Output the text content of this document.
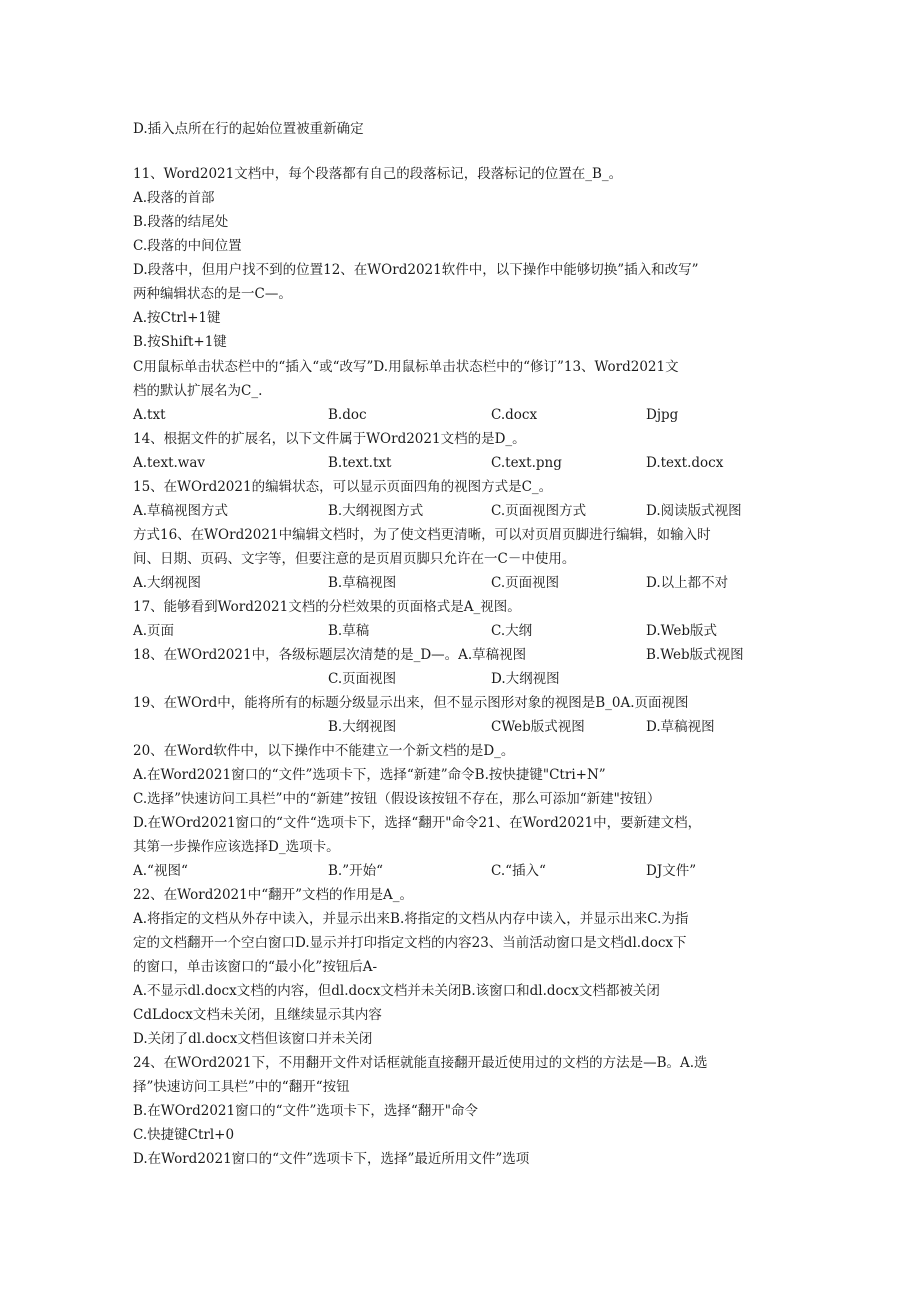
D.插入点所在行的起始位置被重新确定
11、Word2021文档中，每个段落都有自己的段落标记，段落标记的位置在_B_。
A.段落的首部
B.段落的结尾处
C.段落的中间位置
D.段落中，但用户找不到的位置12、在WOrd2021软件中，以下操作中能够切换”插入和改写”
两种编辑状态的是一C—。
A.按Ctrl+1键
B.按Shift+1键
C用鼠标单击状态栏中的“插入“或“改写”D.用鼠标单击状态栏中的“修订”13、Word2021文
档的默认扩展名为C_.
A.txt	B.doc	C.docx	Djpg
14、根据文件的扩展名，以下文件属于WOrd2021文档的是D_。
A.text.wav	B.text.txt	C.text.png	D.text.docx
15、在WOrd2021的编辑状态，可以显示页面四角的视图方式是C_。
A.草稿视图方式	B.大纲视图方式	C.页面视图方式	D.阅读版式视图
方式16、在WOrd2021中编辑文档时，为了使文档更清晰，可以对页眉页脚进行编辑，如输入时
间、日期、页码、文字等，但要注意的是页眉页脚只允许在一C－中使用。
A.大纲视图	B.草稿视图	C.页面视图	D.以上都不对
17、能够看到Word2021文档的分栏效果的页面格式是A_视图。
A.页面	B.草稿	C.大纲	D.Web版式
18、在WOrd2021中，各级标题层次清楚的是_D—。A.草稿视图	B.Web版式视图
C.页面视图	D.大纲视图
19、在WOrd中，能将所有的标题分级显示出来，但不显示图形对象的视图是B_0A.页面视图
B.大纲视图	CWeb版式视图	D.草稿视图
20、在Word软件中，以下操作中不能建立一个新文档的是D_。
A.在Word2021窗口的“文件”选项卡下，选择“新建”命令B.按快捷键"Ctri+N”
C.选择”快速访问工具栏”中的“新建”按钮（假设该按钮不存在，那么可添加“新建"按钮）
D.在WOrd2021窗口的“文件“选项卡下，选择“翻开"命令21、在Word2021中，要新建文档，
其第一步操作应该选择D_选项卡。
A.“视图“	B.”开始“	C.“插入“	DJ文件”
22、在Word2021中“翻开”文档的作用是A_。
A.将指定的文档从外存中读入，并显示出来B.将指定的文档从内存中读入，并显示出来C.为指
定的文档翻开一个空白窗口D.显示并打印指定文档的内容23、当前活动窗口是文档dl.docx下
的窗口，单击该窗口的“最小化”按钮后A-
A.不显示dl.docx文档的内容，但dl.docx文档并未关闭B.该窗口和dl.docx文档都被关闭
CdLdocx文档未关闭，且继续显示其内容
D.关闭了dl.docx文档但该窗口并未关闭
24、在WOrd2021下，不用翻开文件对话框就能直接翻开最近使用过的文档的方法是—B。A.选
择”快速访问工具栏”中的“翻开“按钮
B.在WOrd2021窗口的“文件”选项卡下，选择“翻开"命令
C.快捷键Ctrl+0
D.在Word2021窗口的“文件”选项卡下，选择”最近所用文件”选项
